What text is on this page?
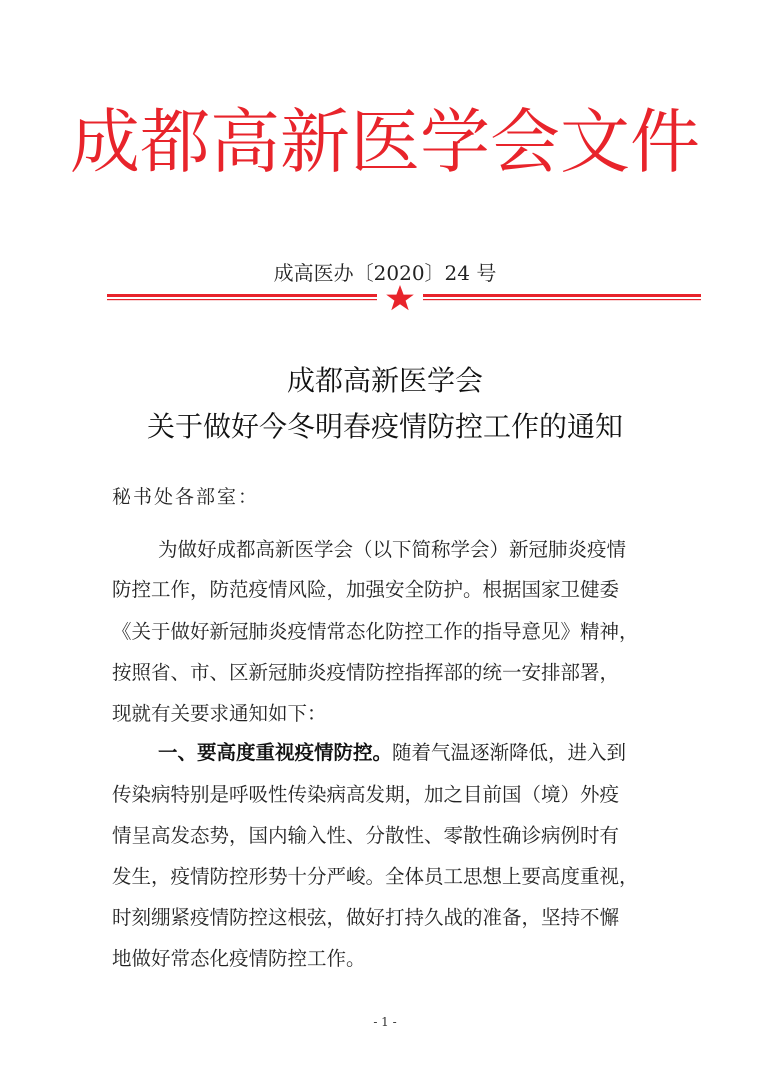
成都高新医学会文件
成高医办〔2020〕24 号
成都高新医学会
关于做好今冬明春疫情防控工作的通知
秘书处各部室：
为做好成都高新医学会（以下简称学会）新冠肺炎疫情
防控工作，防范疫情风险，加强安全防护。根据国家卫健委
《关于做好新冠肺炎疫情常态化防控工作的指导意见》精神，
按照省、市、区新冠肺炎疫情防控指挥部的统一安排部署，
现就有关要求通知如下：
一、要高度重视疫情防控。随着气温逐渐降低，进入到
传染病特别是呼吸性传染病高发期，加之目前国（境）外疫
情呈高发态势，国内输入性、分散性、零散性确诊病例时有
发生，疫情防控形势十分严峻。全体员工思想上要高度重视，
时刻绷紧疫情防控这根弦，做好打持久战的准备，坚持不懈
地做好常态化疫情防控工作。
- 1 -
